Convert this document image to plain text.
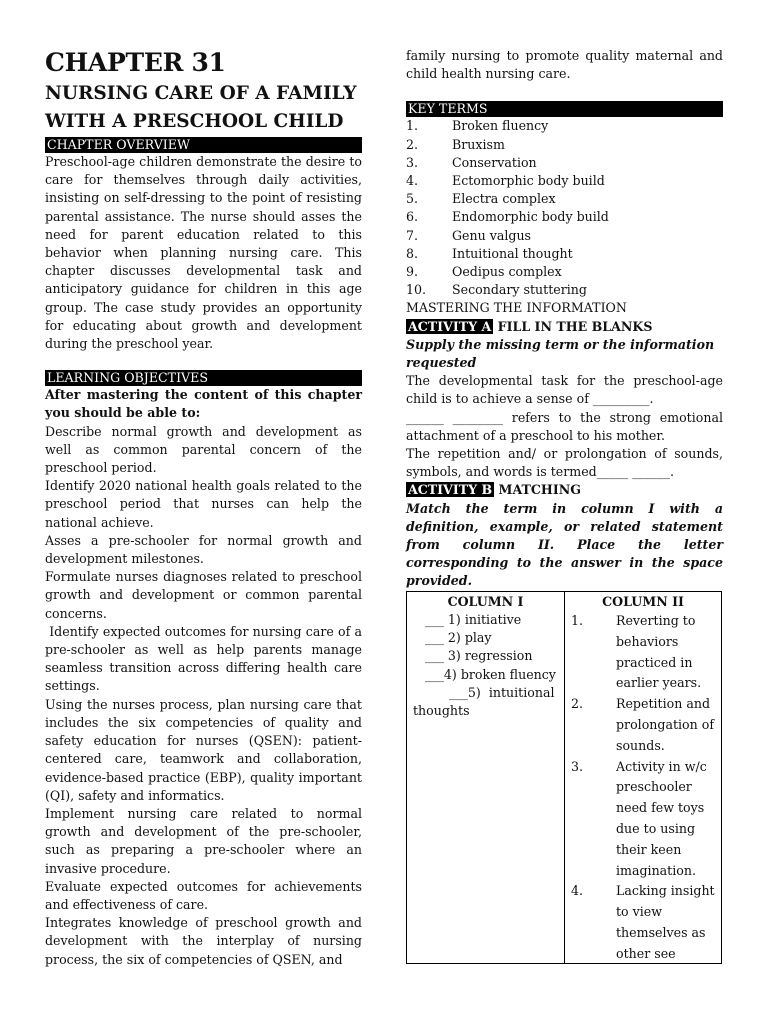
CHAPTER 31
NURSING CARE OF A FAMILY
WITH A PRESCHOOL CHILD
CHAPTER OVERVIEW

Preschool-age children demonstrate the desire to care for themselves through daily activities, insisting on self-dressing to the point of resisting parental assistance. The nurse should asses the need for parent education related to this behavior when planning nursing care. This chapter discusses developmental task and anticipatory guidance for children in this age group. The case study provides an opportunity for educating about growth and development during the preschool year.

LEARNING OBJECTIVES

After mastering the content of this chapter you should be able to:

Describe normal growth and development as well as common parental concern of the preschool period.

Identify 2020 national health goals related to the preschool period that nurses can help the national achieve.

Asses a pre-schooler for normal growth and development milestones.

Formulate nurses diagnoses related to preschool growth and development or common parental concerns.

Identify expected outcomes for nursing care of a pre-schooler as well as help parents manage seamless transition across differing health care settings.

Using the nurses process, plan nursing care that includes the six competencies of quality and safety education for nurses (QSEN): patient-centered care, teamwork and collaboration, evidence-based practice (EBP), quality important (QI), safety and informatics.

Implement nursing care related to normal growth and development of the pre-schooler, such as preparing a pre-schooler where an invasive procedure.

Evaluate expected outcomes for achievements and effectiveness of care.

Integrates knowledge of preschool growth and development with the interplay of nursing process, the six of competencies of QSEN, and

family nursing to promote quality maternal and child health nursing care.

KEY TERMS
1.	Broken fluency
2.	Bruxism
3.	Conservation
4.	Ectomorphic body build
5.	Electra complex
6.	Endomorphic body build
7.	Genu valgus
8.	Intuitional thought
9.	Oedipus complex
10.	Secondary stuttering

MASTERING THE INFORMATION

ACTIVITY A FILL IN THE BLANKS

Supply the missing term or the information requested

The developmental task for the preschool-age child is to achieve a sense of _________.

______ ________ refers to the strong emotional attachment of a preschool to his mother.

The repetition and/ or prolongation of sounds, symbols, and words is termed_____ ______.

ACTIVITY B MATCHING

Match the term in column I with a definition, example, or related statement from column II. Place the letter corresponding to the answer in the space provided.

COLUMN I
___ 1) initiative
___ 2) play
___ 3) regression
___4) broken fluency
___5)  intuitional thoughts
COLUMN II
1.	Reverting to behaviors practiced in earlier years.
2.	Repetition and prolongation of sounds.
3.	Activity in w/c preschooler need few toys due to using their keen imagination.
4.	Lacking insight to view themselves as other see
